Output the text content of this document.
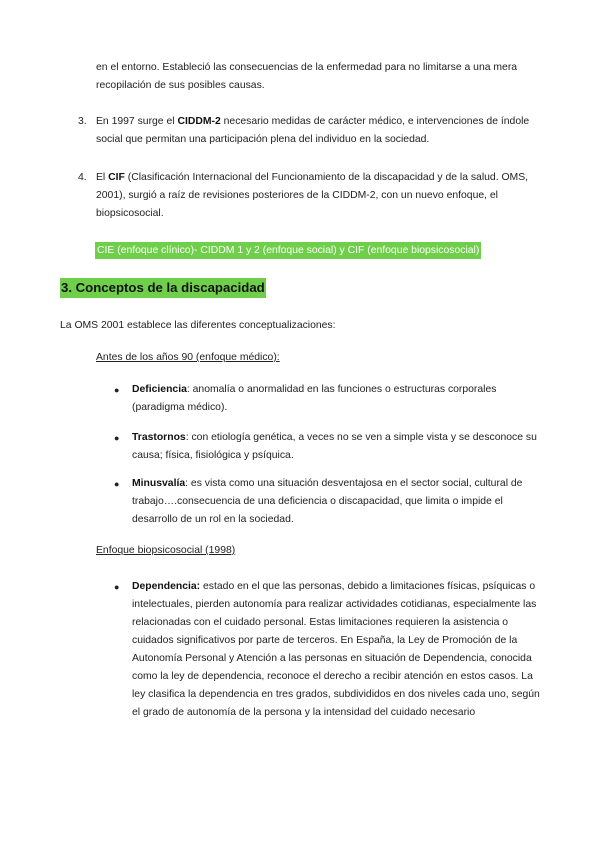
en el entorno. Estableció las consecuencias de la enfermedad para no limitarse a una mera recopilación de sus posibles causas.
3. En 1997 surge el CIDDM-2 necesario medidas de carácter médico, e intervenciones de índole social que permitan una participación plena del individuo en la sociedad.
4. El CIF (Clasificación Internacional del Funcionamiento de la discapacidad y de la salud. OMS, 2001), surgió a raíz de revisiones posteriores de la CIDDM-2, con un nuevo enfoque, el biopsicosocial.
CIE (enfoque clínico)- CIDDM 1 y 2 (enfoque social) y CIF (enfoque biopsicosocial)
3. Conceptos de la discapacidad
La OMS 2001 establece las diferentes conceptualizaciones:
Antes de los años 90 (enfoque médico):
●	Deficiencia: anomalía o anormalidad en las funciones o estructuras corporales (paradigma médico).
●	Trastornos: con etiología genética, a veces no se ven a simple vista y se desconoce su causa; física, fisiológica y psíquica.
●	Minusvalía: es vista como una situación desventajosa en el sector social, cultural de trabajo….consecuencia de una deficiencia o discapacidad, que limita o impide el desarrollo de un rol en la sociedad.
Enfoque biopsicosocial (1998)
●	Dependencia: estado en el que las personas, debido a limitaciones físicas, psíquicas o intelectuales, pierden autonomía para realizar actividades cotidianas, especialmente las relacionadas con el cuidado personal. Estas limitaciones requieren la asistencia o cuidados significativos por parte de terceros. En España, la Ley de Promoción de la Autonomía Personal y Atención a las personas en situación de Dependencia, conocida como la ley de dependencia, reconoce el derecho a recibir atención en estos casos. La ley clasifica la dependencia en tres grados, subdivididos en dos niveles cada uno, según el grado de autonomía de la persona y la intensidad del cuidado necesario
